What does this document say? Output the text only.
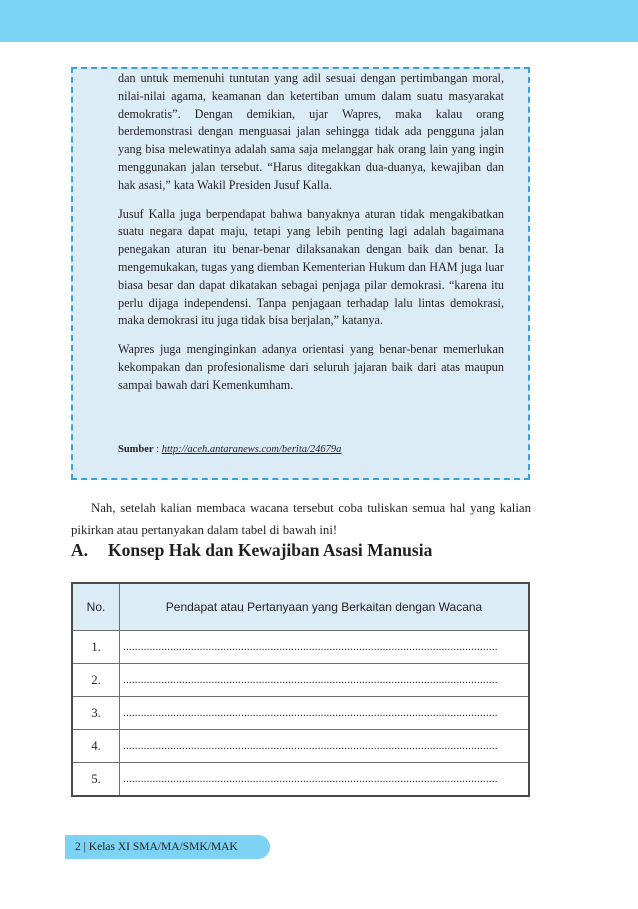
dan untuk memenuhi tuntutan yang adil sesuai dengan pertimbangan moral, nilai-nilai agama, keamanan dan ketertiban umum dalam suatu masyarakat demokratis”. Dengan demikian, ujar Wapres, maka kalau orang berdemonstrasi dengan menguasai jalan sehingga tidak ada pengguna jalan yang bisa melewatinya adalah sama saja melanggar hak orang lain yang ingin menggunakan jalan tersebut. “Harus ditegakkan dua-duanya, kewajiban dan hak asasi,” kata Wakil Presiden Jusuf Kalla.

Jusuf Kalla juga berpendapat bahwa banyaknya aturan tidak mengakibatkan suatu negara dapat maju, tetapi yang lebih penting lagi adalah bagaimana penegakan aturan itu benar-benar dilaksanakan dengan baik dan benar. Ia mengemukakan, tugas yang diemban Kementerian Hukum dan HAM juga luar biasa besar dan dapat dikatakan sebagai penjaga pilar demokrasi. “karena itu perlu dijaga independensi. Tanpa penjagaan terhadap lalu lintas demokrasi, maka demokrasi itu juga tidak bisa berjalan,” katanya.

Wapres juga menginginkan adanya orientasi yang benar-benar memerlukan kekompakan dan profesionalisme dari seluruh jajaran baik dari atas maupun sampai bawah dari Kemenkumham.

Sumber : http://aceh.antaranews.com/berita/24679a

Nah, setelah kalian membaca wacana tersebut coba tuliskan semua hal yang kalian pikirkan atau pertanyakan dalam tabel di bawah ini!

A. Konsep Hak dan Kewajiban Asasi Manusia
No.	Pendapat atau Pertanyaan yang Berkaitan dengan Wacana
1.	...............................................................................................................................
2.	...............................................................................................................................
3.	...............................................................................................................................
4.	...............................................................................................................................
5.	...............................................................................................................................
2 | Kelas XI SMA/MA/SMK/MAK
